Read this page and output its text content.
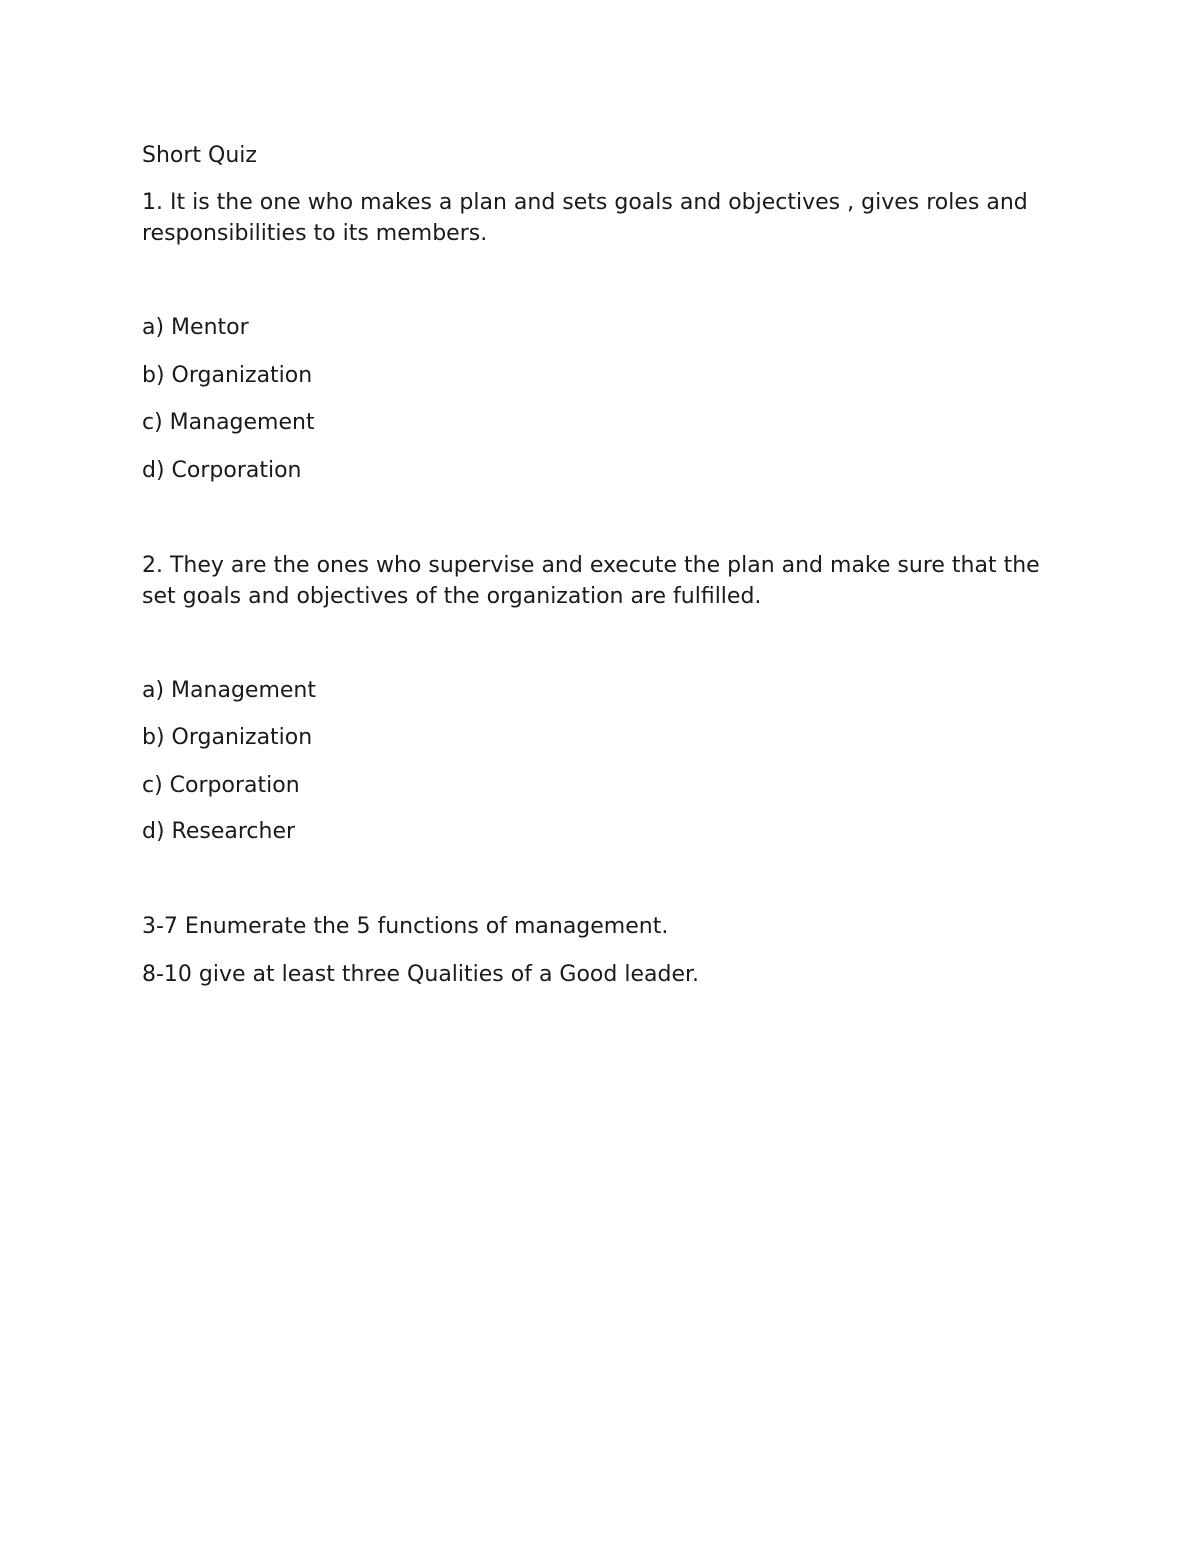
Short Quiz

1. It is the one who makes a plan and sets goals and objectives , gives roles and responsibilities to its members.

a) Mentor

b) Organization

c) Management

d) Corporation

2. They are the ones who supervise and execute the plan and make sure that the set goals and objectives of the organization are fulfilled.

a) Management

b) Organization

c) Corporation

d) Researcher

3-7 Enumerate the 5 functions of management.

8-10 give at least three Qualities of a Good leader.
